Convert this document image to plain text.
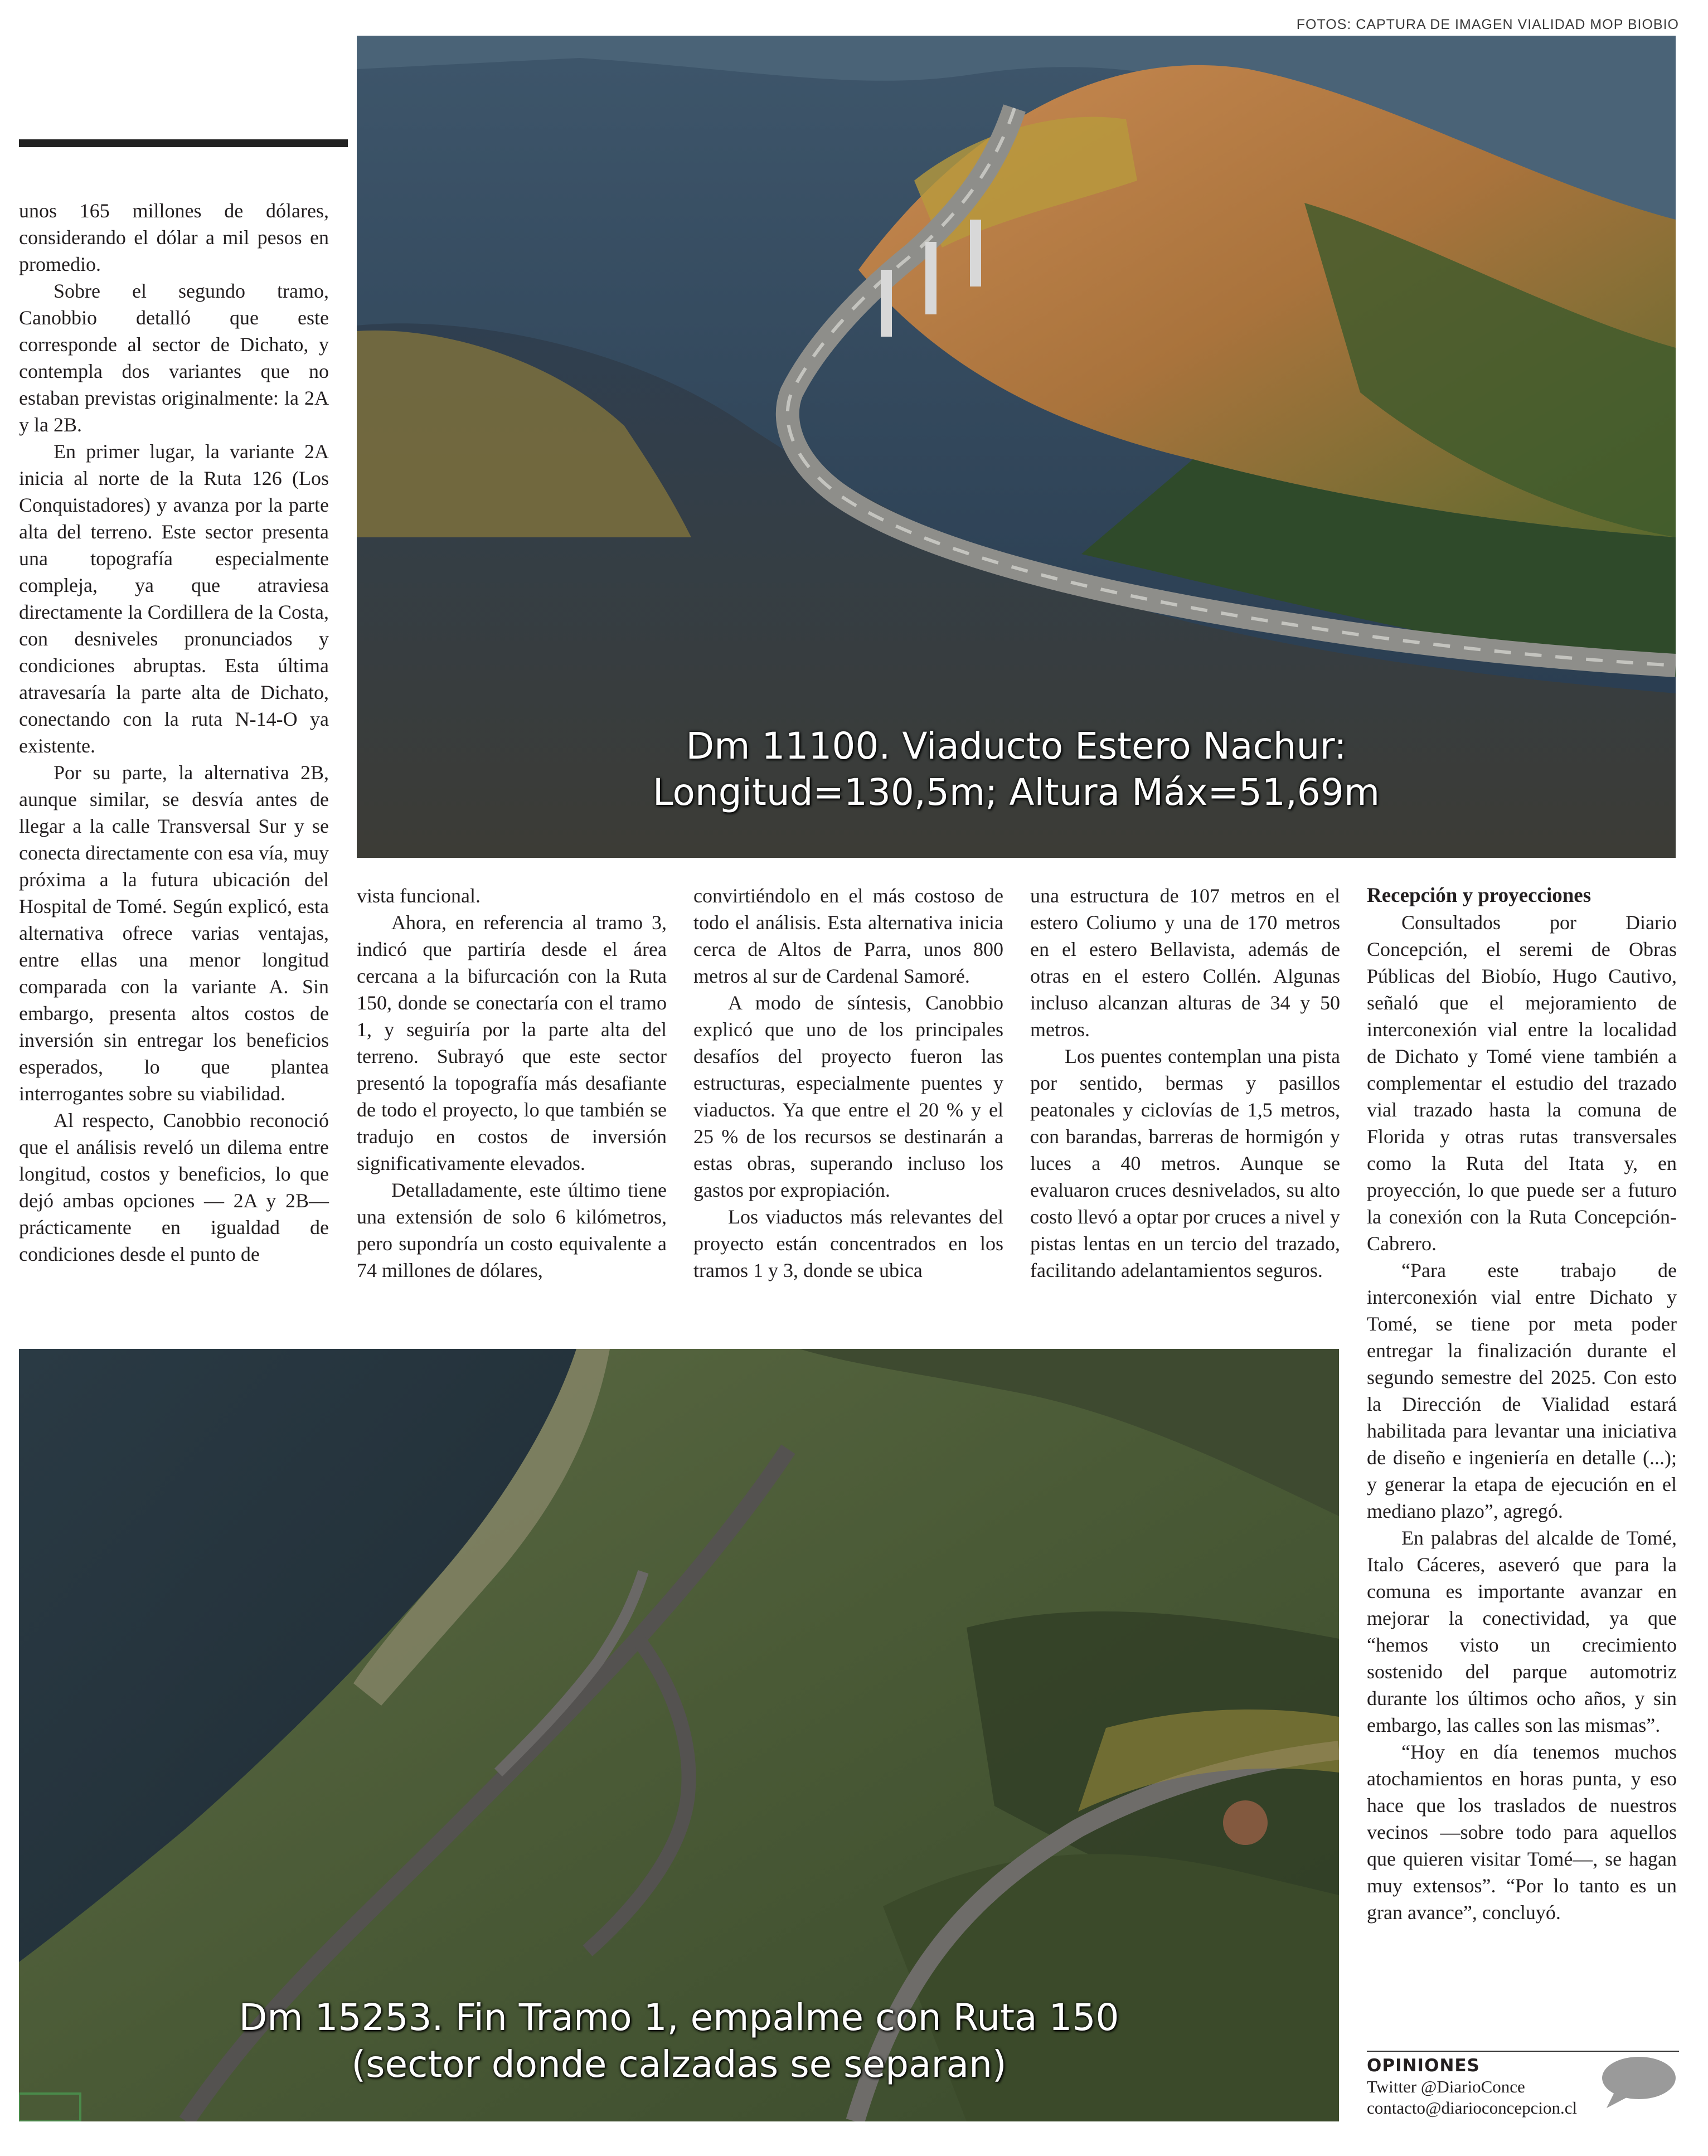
FOTOS: CAPTURA DE IMAGEN VIALIDAD MOP BIOBIO
Dm 11100. Viaducto Estero Nachur:
Longitud=130,5m; Altura Máx=51,69m

unos 165 millones de dólares, considerando el dólar a mil pesos en promedio.

Sobre el segundo tramo, Canobbio detalló que este corresponde al sector de Dichato, y contempla dos variantes que no estaban previstas originalmente: la 2A y la 2B.

En primer lugar, la variante 2A inicia al norte de la Ruta 126 (Los Conquistadores) y avanza por la parte alta del terreno. Este sector presenta una topografía especialmente compleja, ya que atraviesa directamente la Cordillera de la Costa, con desniveles pronunciados y condiciones abruptas. Esta última atravesaría la parte alta de Dichato, conectando con la ruta N-14-O ya existente.

Por su parte, la alternativa 2B, aunque similar, se desvía antes de llegar a la calle Transversal Sur y se conecta directamente con esa vía, muy próxima a la futura ubicación del Hospital de Tomé. Según explicó, esta alternativa ofrece varias ventajas, entre ellas una menor longitud comparada con la variante A. Sin embargo, presenta altos costos de inversión sin entregar los beneficios esperados, lo que plantea interrogantes sobre su viabilidad.

Al respecto, Canobbio reconoció que el análisis reveló un dilema entre longitud, costos y beneficios, lo que dejó ambas opciones — 2A y 2B— prácticamente en igualdad de condiciones desde el punto de

vista funcional.

Ahora, en referencia al tramo 3, indicó que partiría desde el área cercana a la bifurcación con la Ruta 150, donde se conectaría con el tramo 1, y seguiría por la parte alta del terreno. Subrayó que este sector presentó la topografía más desafiante de todo el proyecto, lo que también se tradujo en costos de inversión significativamente elevados.

Detalladamente, este último tiene una extensión de solo 6 kilómetros, pero supondría un costo equivalente a 74 millones de dólares,

convirtiéndolo en el más costoso de todo el análisis. Esta alternativa inicia cerca de Altos de Parra, unos 800 metros al sur de Cardenal Samoré.

A modo de síntesis, Canobbio explicó que uno de los principales desafíos del proyecto fueron las estructuras, especialmente puentes y viaductos. Ya que entre el 20 % y el 25 % de los recursos se destinarán a estas obras, superando incluso los gastos por expropiación.

Los viaductos más relevantes del proyecto están concentrados en los tramos 1 y 3, donde se ubica

una estructura de 107 metros en el estero Coliumo y una de 170 metros en el estero Bellavista, además de otras en el estero Collén. Algunas incluso alcanzan alturas de 34 y 50 metros.

Los puentes contemplan una pista por sentido, bermas y pasillos peatonales y ciclovías de 1,5 metros, con barandas, barreras de hormigón y luces a 40 metros. Aunque se evaluaron cruces desnivelados, su alto costo llevó a optar por cruces a nivel y pistas lentas en un tercio del trazado, facilitando adelantamientos seguros.

Recepción y proyecciones

Consultados por Diario Concepción, el seremi de Obras Públicas del Biobío, Hugo Cautivo, señaló que el mejoramiento de interconexión vial entre la localidad de Dichato y Tomé viene también a complementar el estudio del trazado vial trazado hasta la comuna de Florida y otras rutas transversales como la Ruta del Itata y, en proyección, lo que puede ser a futuro la conexión con la Ruta Concepción-Cabrero.

“Para este trabajo de interconexión vial entre Dichato y Tomé, se tiene por meta poder entregar la finalización durante el segundo semestre del 2025. Con esto la Dirección de Vialidad estará habilitada para levantar una iniciativa de diseño e ingeniería en detalle (...); y generar la etapa de ejecución en el mediano plazo”, agregó.

En palabras del alcalde de Tomé, Italo Cáceres, aseveró que para la comuna es importante avanzar en mejorar la conectividad, ya que “hemos visto un crecimiento sostenido del parque automotriz durante los últimos ocho años, y sin embargo, las calles son las mismas”.

“Hoy en día tenemos muchos atochamientos en horas punta, y eso hace que los traslados de nuestros vecinos —sobre todo para aquellos que quieren visitar Tomé—, se hagan muy extensos”. “Por lo tanto es un gran avance”, concluyó.

Dm 15253. Fin Tramo 1, empalme con Ruta 150
(sector donde calzadas se separan)	OPINIONES
Twitter @DiarioConce
contacto@diarioconcepcion.cl
